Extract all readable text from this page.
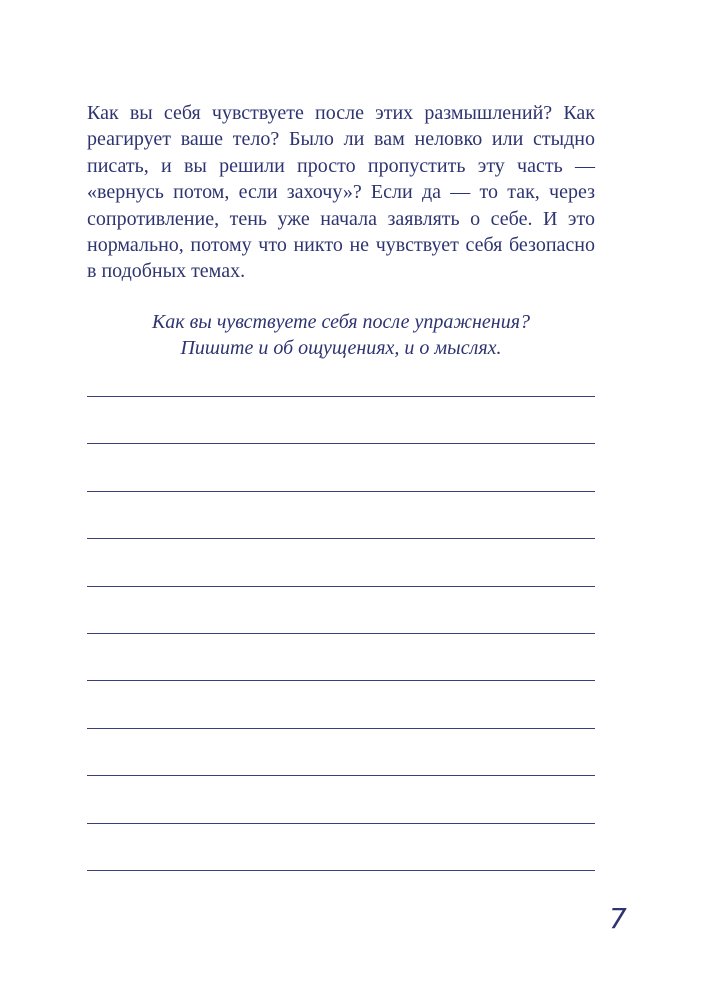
Как вы себя чувствуете после этих размышлений? Как реагирует ваше тело? Было ли вам неловко или стыдно писать, и вы решили просто пропустить эту часть — «вернусь потом, если захочу»? Если да — то так, через сопротивление, тень уже начала заявлять о себе. И это нормально, потому что никто не чувствует себя безопасно в подобных темах.

Как вы чувствуете себя после упражнения?
Пишите и об ощущениях, и о мыслях.

7
